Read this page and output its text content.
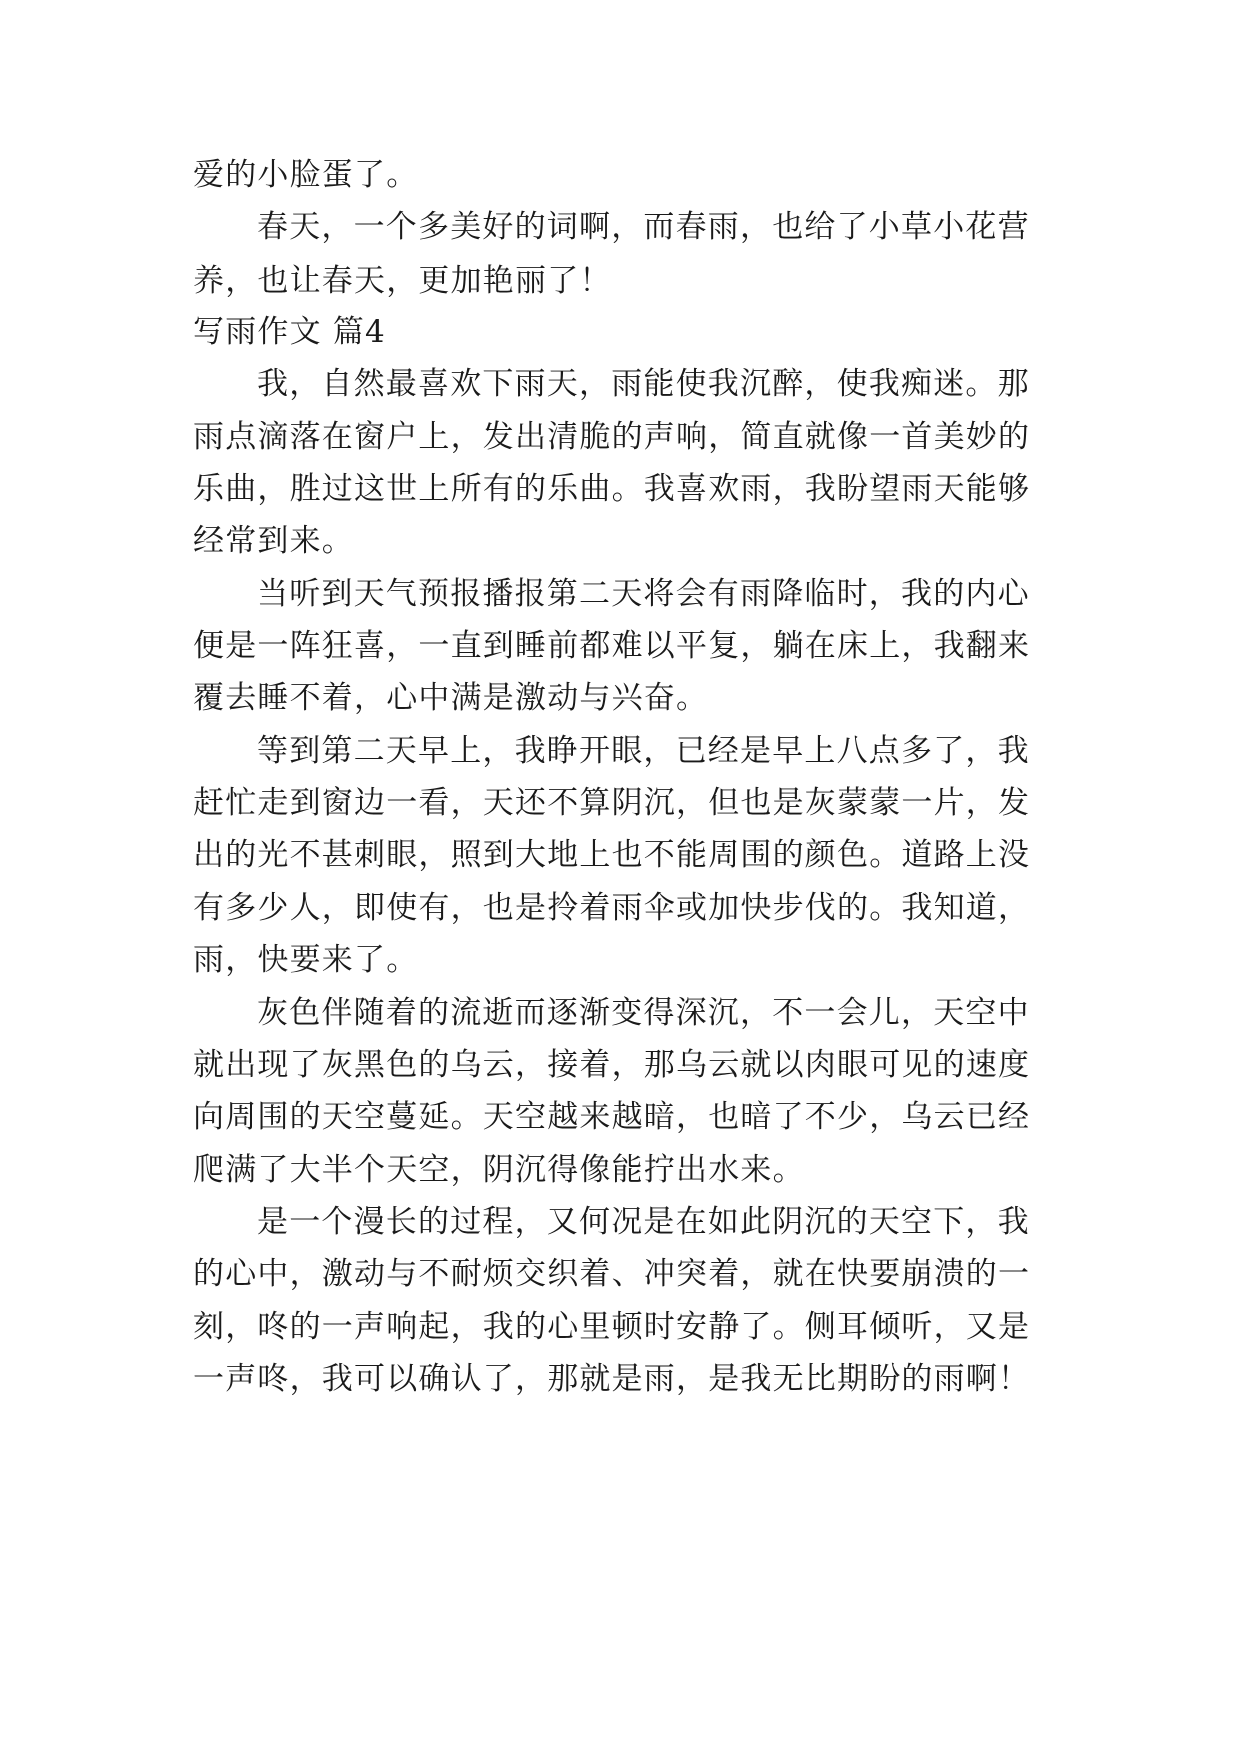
爱的小脸蛋了。
春天，一个多美好的词啊，而春雨，也给了小草小花营
养，也让春天，更加艳丽了！
写雨作文 篇4
我，自然最喜欢下雨天，雨能使我沉醉，使我痴迷。那
雨点滴落在窗户上，发出清脆的声响，简直就像一首美妙的
乐曲，胜过这世上所有的乐曲。我喜欢雨，我盼望雨天能够
经常到来。
当听到天气预报播报第二天将会有雨降临时，我的内心
便是一阵狂喜，一直到睡前都难以平复，躺在床上，我翻来
覆去睡不着，心中满是激动与兴奋。
等到第二天早上，我睁开眼，已经是早上八点多了，我
赶忙走到窗边一看，天还不算阴沉，但也是灰蒙蒙一片，发
出的光不甚刺眼，照到大地上也不能周围的颜色。道路上没
有多少人，即使有，也是拎着雨伞或加快步伐的。我知道，
雨，快要来了。
灰色伴随着的流逝而逐渐变得深沉，不一会儿，天空中
就出现了灰黑色的乌云，接着，那乌云就以肉眼可见的速度
向周围的天空蔓延。天空越来越暗，也暗了不少，乌云已经
爬满了大半个天空，阴沉得像能拧出水来。
是一个漫长的过程，又何况是在如此阴沉的天空下，我
的心中，激动与不耐烦交织着、冲突着，就在快要崩溃的一
刻，咚的一声响起，我的心里顿时安静了。侧耳倾听，又是
一声咚，我可以确认了，那就是雨，是我无比期盼的雨啊！
